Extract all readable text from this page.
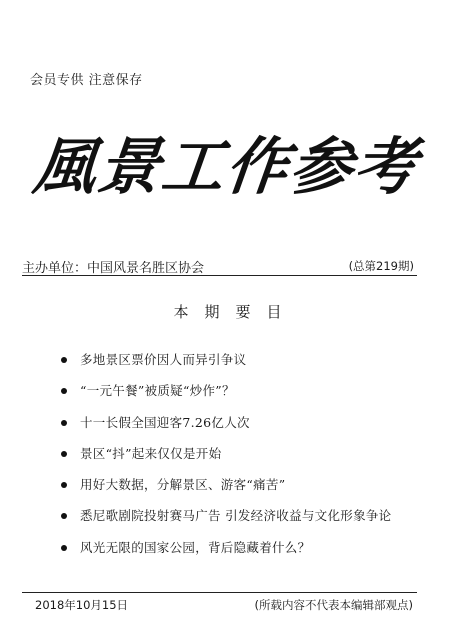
会员专供 注意保存
風景工作参考
主办单位：中国风景名胜区协会	(总第219期)
本期要目
多地景区票价因人而异引争议
“一元午餐”被质疑“炒作”？
十一长假全国迎客7.26亿人次
景区“抖”起来仅仅是开始
用好大数据，分解景区、游客“痛苦”
悉尼歌剧院投射赛马广告 引发经济收益与文化形象争论
风光无限的国家公园，背后隐藏着什么？
2018年10月15日	(所载内容不代表本编辑部观点)
